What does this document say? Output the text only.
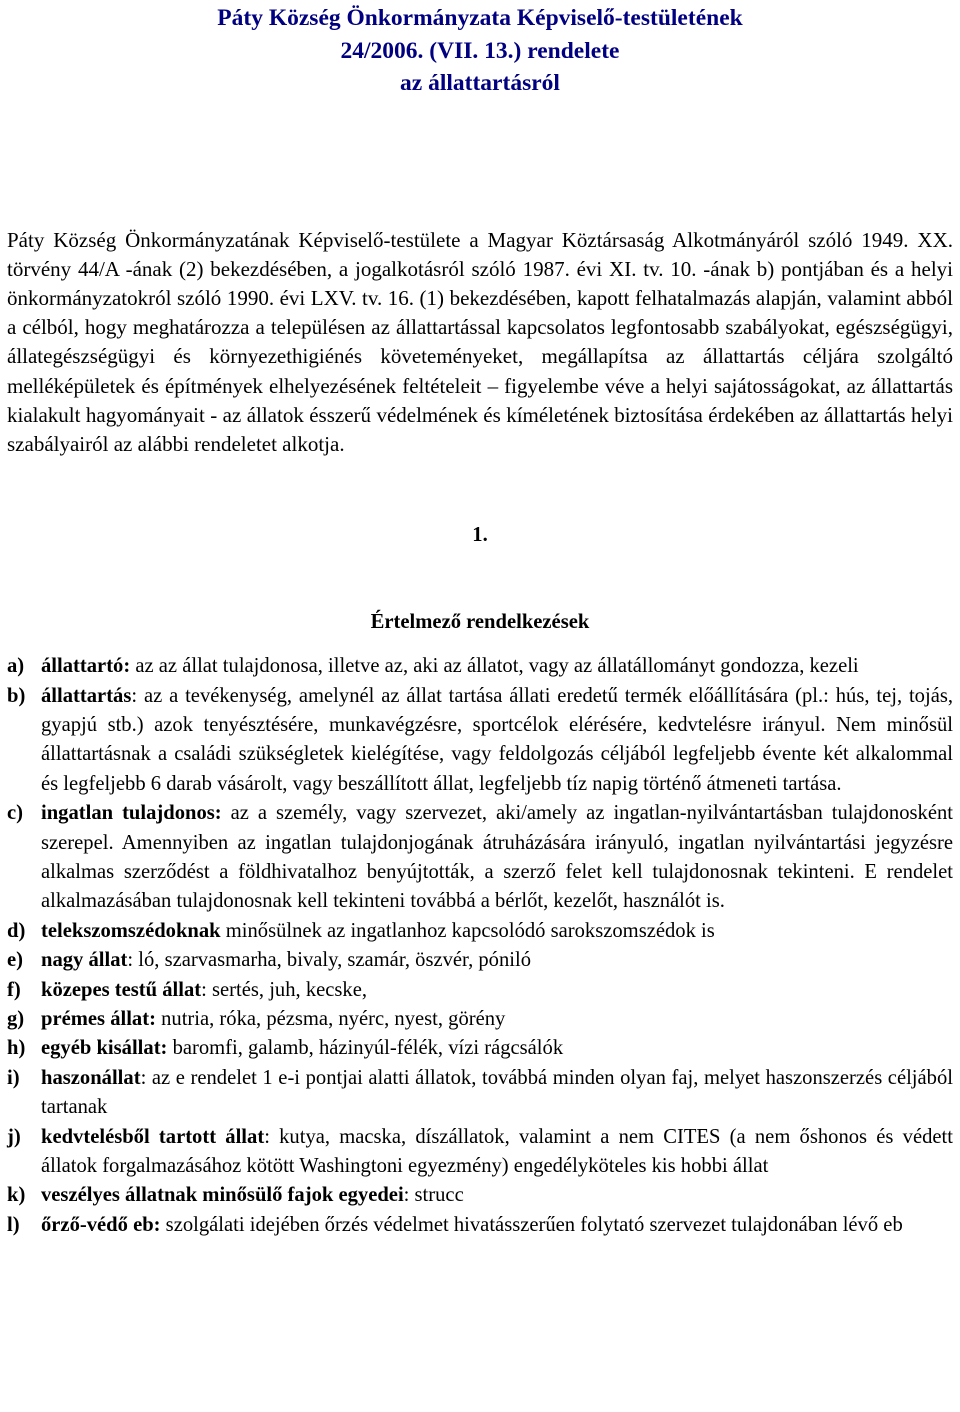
Páty Község Önkormányzata Képviselő-testületének
24/2006. (VII. 13.) rendelete
az állattartásról

Páty Község Önkormányzatának Képviselő-testülete a Magyar Köztársaság Alkotmányáról szóló 1949. XX. törvény 44/A -ának (2) bekezdésében, a jogalkotásról szóló 1987. évi XI. tv. 10. -ának b) pontjában és a helyi önkormányzatokról szóló 1990. évi LXV. tv. 16. (1) bekezdésében, kapott felhatalmazás alapján, valamint abból a célból, hogy meghatározza a településen az állattartással kapcsolatos legfontosabb szabályokat, egészségügyi, állategészségügyi és környezethigiénés követeményeket, megállapítsa az állattartás céljára szolgáltó melléképületek és építmények elhelyezésének feltételeit – figyelembe véve a helyi sajátosságokat, az állattartás kialakult hagyományait - az állatok ésszerű védelmének és kíméletének biztosítása érdekében az állattartás helyi szabályairól az alábbi rendeletet alkotja.

1.
Értelmező rendelkezések
a) állattartó: az az állat tulajdonosa, illetve az, aki az állatot, vagy az állatállományt gondozza, kezeli
b) állattartás: az a tevékenység, amelynél az állat tartása állati eredetű termék előállítására (pl.: hús, tej, tojás, gyapjú stb.) azok tenyésztésére, munkavégzésre, sportcélok elérésére, kedvtelésre irányul. Nem minősül állattartásnak a családi szükségletek kielégítése, vagy feldolgozás céljából legfeljebb évente két alkalommal és legfeljebb 6 darab vásárolt, vagy beszállított állat, legfeljebb tíz napig történő átmeneti tartása.
c) ingatlan tulajdonos: az a személy, vagy szervezet, aki/amely az ingatlan-nyilvántartásban tulajdonosként szerepel. Amennyiben az ingatlan tulajdonjogának átruházására irányuló, ingatlan nyilvántartási jegyzésre alkalmas szerződést a földhivatalhoz benyújtották, a szerző felet kell tulajdonosnak tekinteni. E rendelet alkalmazásában tulajdonosnak kell tekinteni továbbá a bérlőt, kezelőt, használót is.
d) telekszomszédoknak minősülnek az ingatlanhoz kapcsolódó sarokszomszédok is
e) nagy állat: ló, szarvasmarha, bivaly, szamár, öszvér, póniló
f) közepes testű állat: sertés, juh, kecske,
g) prémes állat: nutria, róka, pézsma, nyérc, nyest, görény
h) egyéb kisállat: baromfi, galamb, házinyúl-félék, vízi rágcsálók
i) haszonállat: az e rendelet 1 e-i pontjai alatti állatok, továbbá minden olyan faj, melyet haszonszerzés céljából tartanak
j) kedvtelésből tartott állat: kutya, macska, díszállatok, valamint a nem CITES (a nem őshonos és védett állatok forgalmazásához kötött Washingtoni egyezmény) engedélyköteles kis hobbi állat
k) veszélyes állatnak minősülő fajok egyedei: strucc
l) őrző-védő eb: szolgálati idejében őrzés védelmet hivatásszerűen folytató szervezet tulajdonában lévő eb
